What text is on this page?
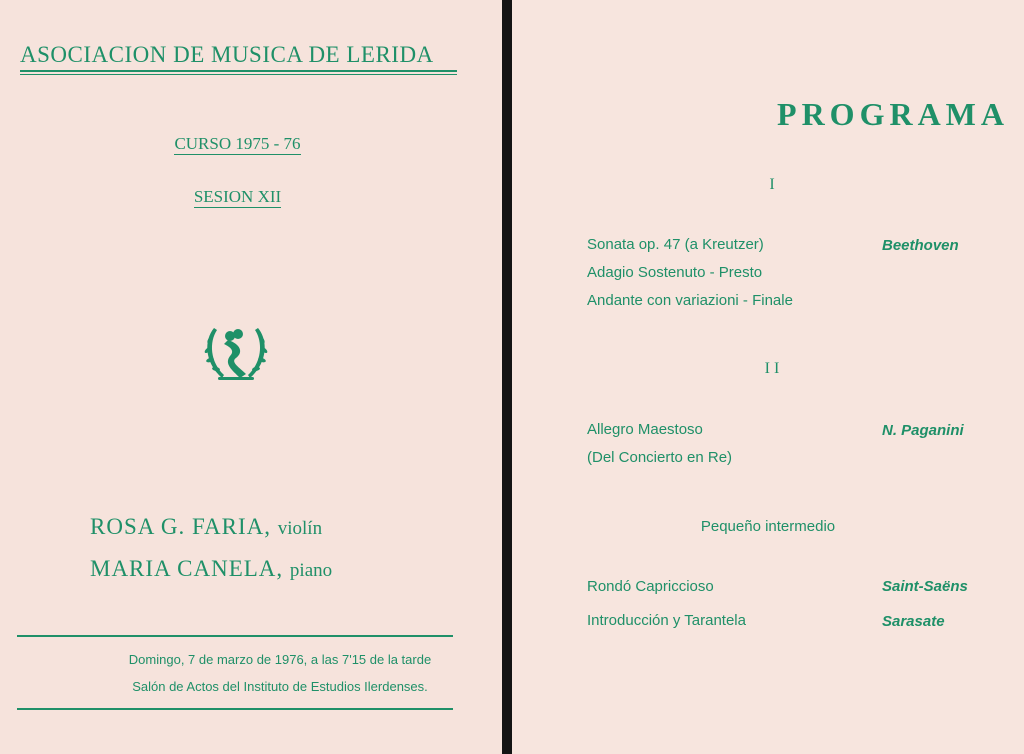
ASOCIACION DE MUSICA DE LERIDA
CURSO 1975 - 76
SESION XII
ROSA G. FARIA, violín
MARIA CANELA, piano
Domingo, 7 de marzo de 1976, a las 7'15 de la tarde
Salón de Actos del Instituto de Estudios Ilerdenses.
PROGRAMA
I
Sonata op. 47 (a Kreutzer)
Adagio Sostenuto - Presto
Andante con variazioni - Finale
Beethoven
I I
Allegro Maestoso
(Del Concierto en Re)
N. Paganini
Pequeño intermedio
Rondó Capriccioso	Saint-Saëns
Introducción y Tarantela	Sarasate
